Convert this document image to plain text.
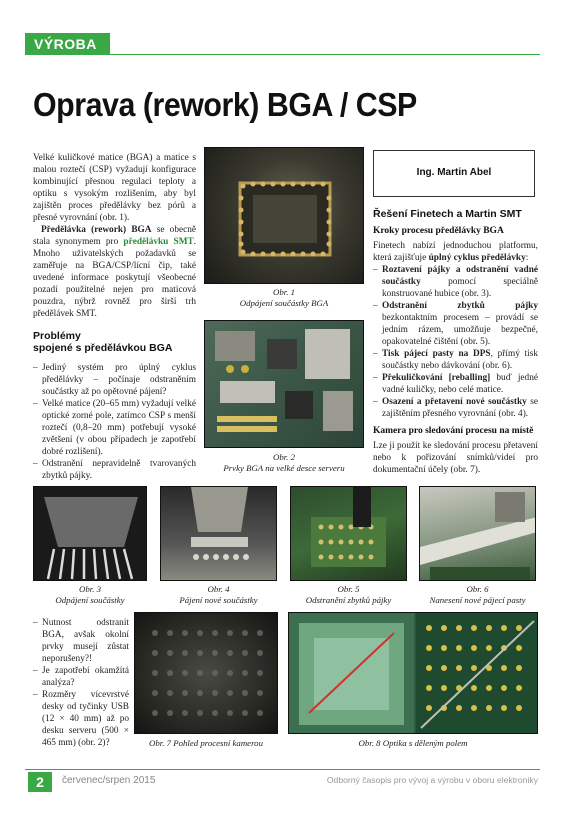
VÝROBA
Oprava (rework) BGA / CSP

Velké kuličkové matice (BGA) a matice s malou roztečí (CSP) vyžadují konfigurace kombinující přesnou regulaci teploty a optiku s vysokým rozlišením, aby byl zajištěn proces předělávky bez pórů a přesné vyrovnání (obr. 1).

Předělávka (rework) BGA se obecně stala synonymem pro předělávku SMT. Mnoho uživatelských požadavků se zaměřuje na BGA/CSP/lícní čip, také uvedené informace poskytují všeobecné pozadí použitelné nejen pro maticová pouzdra, nýbrž rovněž pro širší trh předělávek SMT.

Problémy
spojené s předělávkou BGA
– Jediný systém pro úplný cyklus předělávky – počínaje odstraněním součástky až po opětovné pájení?
– Velké matice (20–65 mm) vyžadují velké optické zorné pole, zatímco CSP s menší roztečí (0,8–20 mm) potřebují vysoké zvětšení (v obou případech je zapotřebí dobré rozlišení).
– Odstranění nepravidelně tvarovaných zbytků pájky.
Obr. 1
Odpájení součástky BGA
Obr. 2
Prvky BGA na velké desce serveru
Ing. Martin Abel
Řešení Finetech a Martin SMT
Kroky procesu předělávky BGA
Finetech nabízí jednoduchou platformu, která zajišťuje úplný cyklus předělávky:
– Roztavení pájky a odstranění vadné součástky pomocí speciálně konstruované hubice (obr. 3).
– Odstranění zbytků pájky bezkontaktním procesem – provádí se jedním rázem, umožňuje bezpečné, opakovatelné čištění (obr. 5).
– Tisk pájecí pasty na DPS, přímý tisk součástky nebo dávkování (obr. 6).
– Překuličkování [reballing] buď jedné vadné kuličky, nebo celé matice.
– Osazení a přetavení nové součástky se zajištěním přesného vyrovnání (obr. 4).
Kamera pro sledování procesu na místě
Lze ji použít ke sledování procesu přetavení nebo k pořizování snímků/videí pro dokumentační účely (obr. 7).
Obr. 3
Odpájení součástky
Obr. 4
Pájení nové součástky
Obr. 5
Odstranění zbytků pájky
Obr. 6
Nanesení nové pájecí pasty
– Nutnost odstranit BGA, avšak okolní prvky musejí zůstat neporušeny?!
– Je zapotřebí okamžitá analýza?
– Rozměry vícevrstvé desky od tyčinky USB (12 × 40 mm) až po desku serveru (500 × 465 mm) (obr. 2)?	Obr. 7 Pohled procesní kamerou	Obr. 8 Optika s děleným polem
2	červenec/srpen 2015	Odborný časopis pro vývoj a výrobu v oboru elektroniky
